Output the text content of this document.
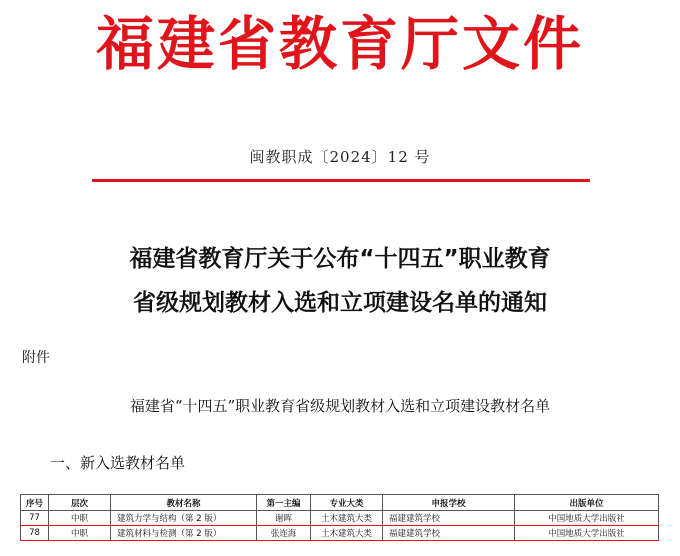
福建省教育厅文件
闽教职成〔2024〕12 号
福建省教育厅关于公布“十四五”职业教育
省级规划教材入选和立项建设名单的通知
附件
福建省“十四五”职业教育省级规划教材入选和立项建设教材名单
一、新入选教材名单
序号	层次	教材名称	第一主编	专业大类	申报学校	出版单位
77	中职	建筑力学与结构（第 2 版）	谢晖	土木建筑大类	福建建筑学校	中国地质大学出版社
78	中职	建筑材料与检测（第 2 版）	张连海	土木建筑大类	福建建筑学校	中国地质大学出版社
